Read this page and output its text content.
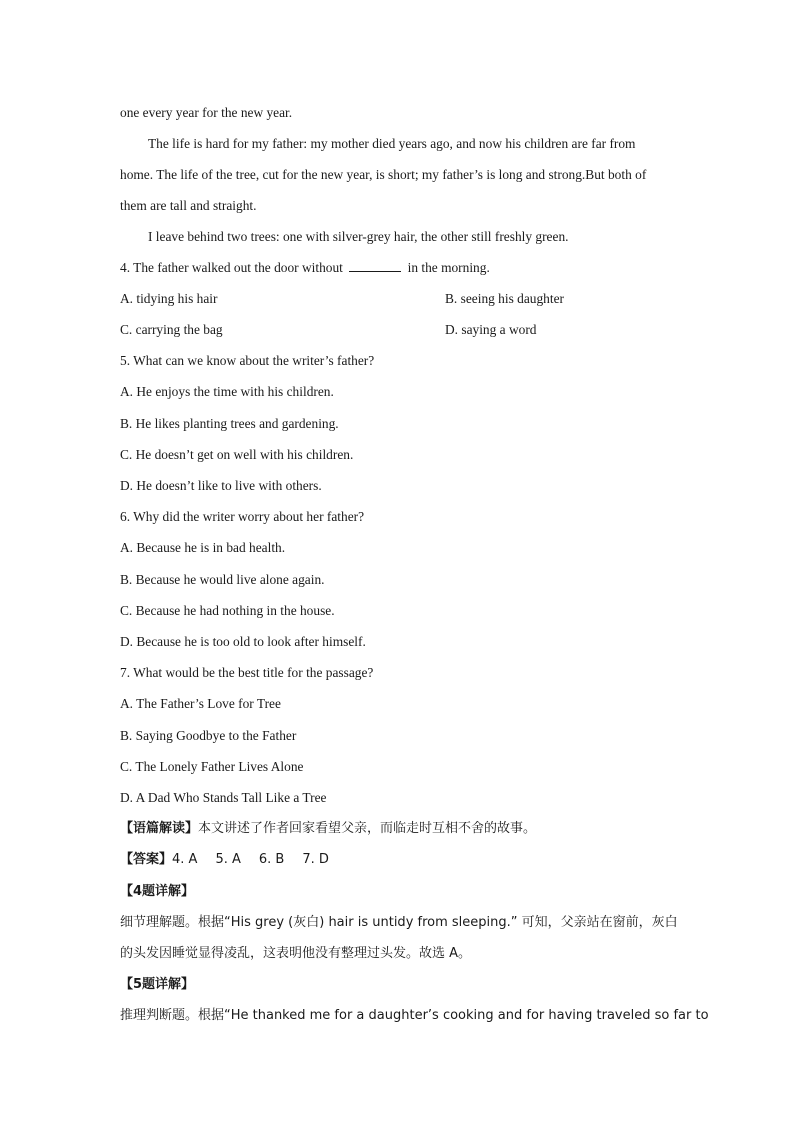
one every year for the new year.
The life is hard for my father: my mother died years ago, and now his children are far from
home. The life of the tree, cut for the new year, is short; my father’s is long and strong.But both of
them are tall and straight.
I leave behind two trees: one with silver-grey hair, the other still freshly green.
4. The father walked out the door without	in the morning.
A. tidying his hair	B. seeing his daughter
C. carrying the bag	D. saying a word
5. What can we know about the writer’s father?
A. He enjoys the time with his children.
B. He likes planting trees and gardening.
C. He doesn’t get on well with his children.
D. He doesn’t like to live with others.
6. Why did the writer worry about her father?
A. Because he is in bad health.
B. Because he would live alone again.
C. Because he had nothing in the house.
D. Because he is too old to look after himself.
7. What would be the best title for the passage?
A. The Father’s Love for Tree
B. Saying Goodbye to the Father
C. The Lonely Father Lives Alone
D. A Dad Who Stands Tall Like a Tree
【语篇解读】本文讲述了作者回家看望父亲，而临走时互相不舍的故事。
【答案】4. A 5. A 6. B 7. D
【4题详解】
细节理解题。根据“His grey (灰白) hair is untidy from sleeping.” 可知，父亲站在窗前，灰白
的头发因睡觉显得凌乱，这表明他没有整理过头发。故选 A。
【5题详解】
推理判断题。根据“He thanked me for a daughter’s cooking and for having traveled so far to
